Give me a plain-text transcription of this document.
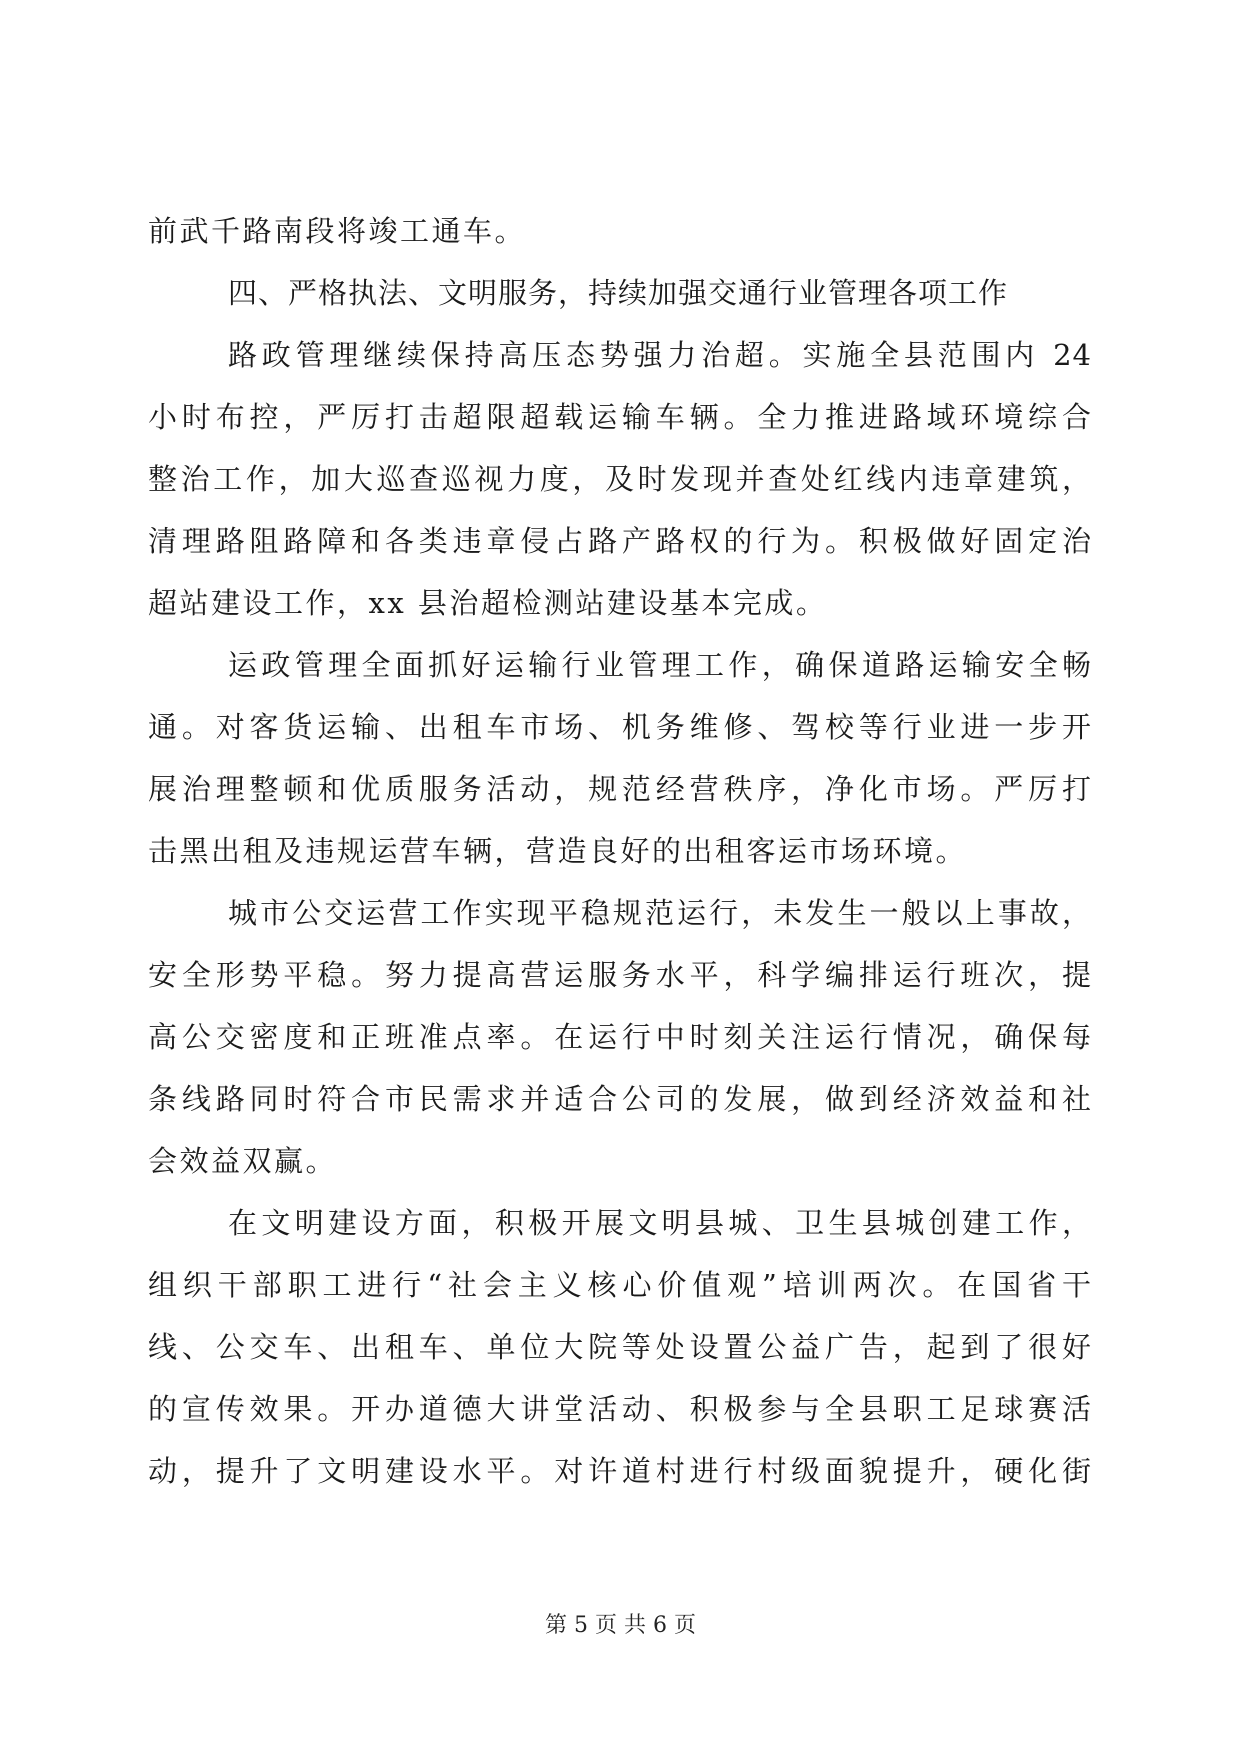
前武千路南段将竣工通车。
四、严格执法、文明服务，持续加强交通行业管理各项工作
路政管理继续保持高压态势强力治超。实施全县范围内 24
小时布控，严厉打击超限超载运输车辆。全力推进路域环境综合
整治工作，加大巡查巡视力度，及时发现并查处红线内违章建筑，
清理路阻路障和各类违章侵占路产路权的行为。积极做好固定治
超站建设工作，xx 县治超检测站建设基本完成。
运政管理全面抓好运输行业管理工作，确保道路运输安全畅
通。对客货运输、出租车市场、机务维修、驾校等行业进一步开
展治理整顿和优质服务活动，规范经营秩序，净化市场。严厉打
击黑出租及违规运营车辆，营造良好的出租客运市场环境。
城市公交运营工作实现平稳规范运行，未发生一般以上事故，
安全形势平稳。努力提高营运服务水平，科学编排运行班次，提
高公交密度和正班准点率。在运行中时刻关注运行情况，确保每
条线路同时符合市民需求并适合公司的发展，做到经济效益和社
会效益双赢。
在文明建设方面，积极开展文明县城、卫生县城创建工作，
组织干部职工进行“社会主义核心价值观”培训两次。在国省干
线、公交车、出租车、单位大院等处设置公益广告，起到了很好
的宣传效果。开办道德大讲堂活动、积极参与全县职工足球赛活
动，提升了文明建设水平。对许道村进行村级面貌提升，硬化街
第 5 页 共 6 页
